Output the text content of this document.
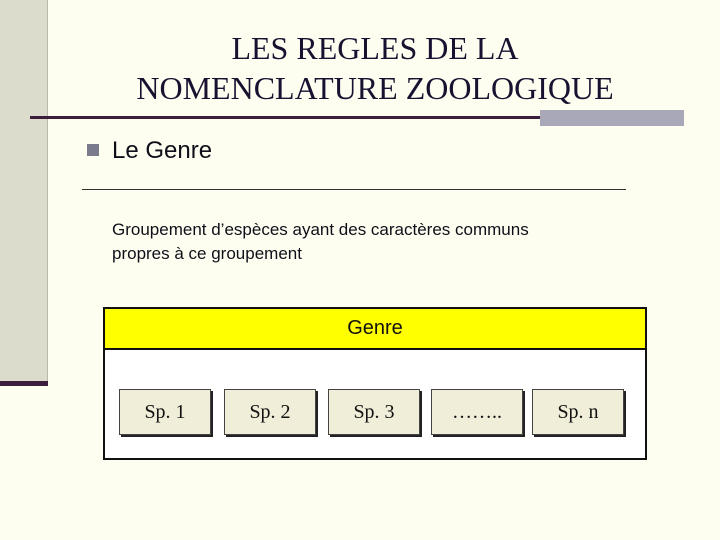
LES REGLES DE LA
NOMENCLATURE ZOOLOGIQUE
Le Genre
Groupement d’espèces ayant des caractères communs
propres à ce groupement
Genre
Sp. 1	Sp. 2	Sp. 3	……..	Sp. n
